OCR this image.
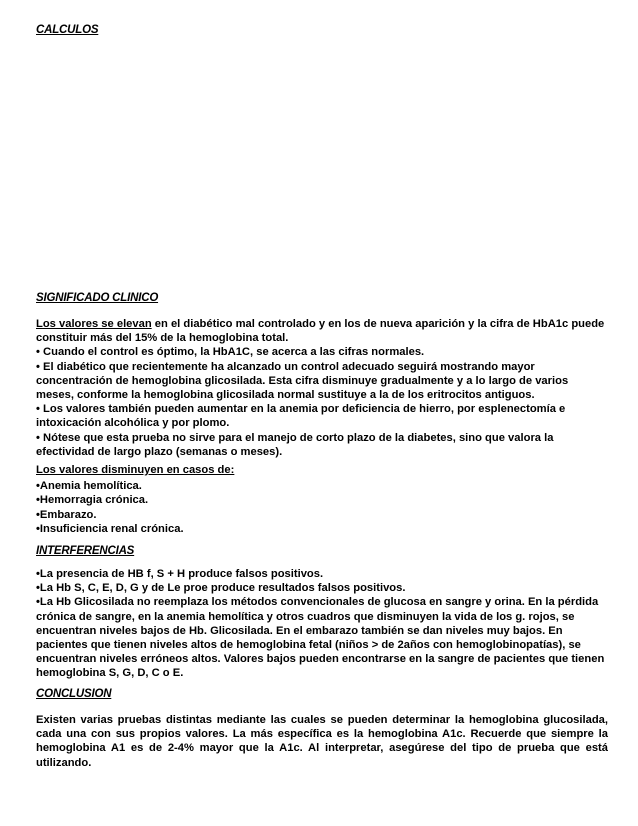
CALCULOS
SIGNIFICADO CLINICO

Los valores se elevan en el diabético mal controlado y en los de nueva aparición y la cifra de HbA1c puede constituir más del 15% de la hemoglobina total.

• Cuando el control es óptimo, la HbA1C, se acerca a las cifras normales.

• El diabético que recientemente ha alcanzado un control adecuado seguirá mostrando mayor concentración de hemoglobina glicosilada. Esta cifra disminuye gradualmente y a lo largo de varios meses, conforme la hemoglobina glicosilada normal sustituye a la de los eritrocitos antiguos.

• Los valores también pueden aumentar en la anemia por deficiencia de hierro, por esplenectomía e intoxicación alcohólica y por plomo.

• Nótese que esta prueba no sirve para el manejo de corto plazo de la diabetes, sino que valora la efectividad de largo plazo (semanas o meses).

Los valores disminuyen en casos de:

•Anemia hemolítica.

•Hemorragia crónica.

•Embarazo.

•Insuficiencia renal crónica.

INTERFERENCIAS

•La presencia de HB f, S + H produce falsos positivos.

•La Hb S, C, E, D, G y de Le proe produce resultados falsos positivos.

•La Hb Glicosilada no reemplaza los métodos convencionales de glucosa en sangre y orina. En la pérdida crónica de sangre, en la anemia hemolítica y otros cuadros que disminuyen la vida de los g. rojos, se encuentran niveles bajos de Hb. Glicosilada. En el embarazo también se dan niveles muy bajos. En pacientes que tienen niveles altos de hemoglobina fetal (niños > de 2años con hemoglobinopatías), se encuentran niveles erróneos altos. Valores bajos pueden encontrarse en la sangre de pacientes que tienen hemoglobina S, G, D, C o E.

CONCLUSION

Existen varias pruebas distintas mediante las cuales se pueden determinar la hemoglobina glucosilada, cada una con sus propios valores. La más específica es la hemoglobina A1c. Recuerde que siempre la hemoglobina A1 es de 2-4% mayor que la A1c. Al interpretar, asegúrese del tipo de prueba que está utilizando.
